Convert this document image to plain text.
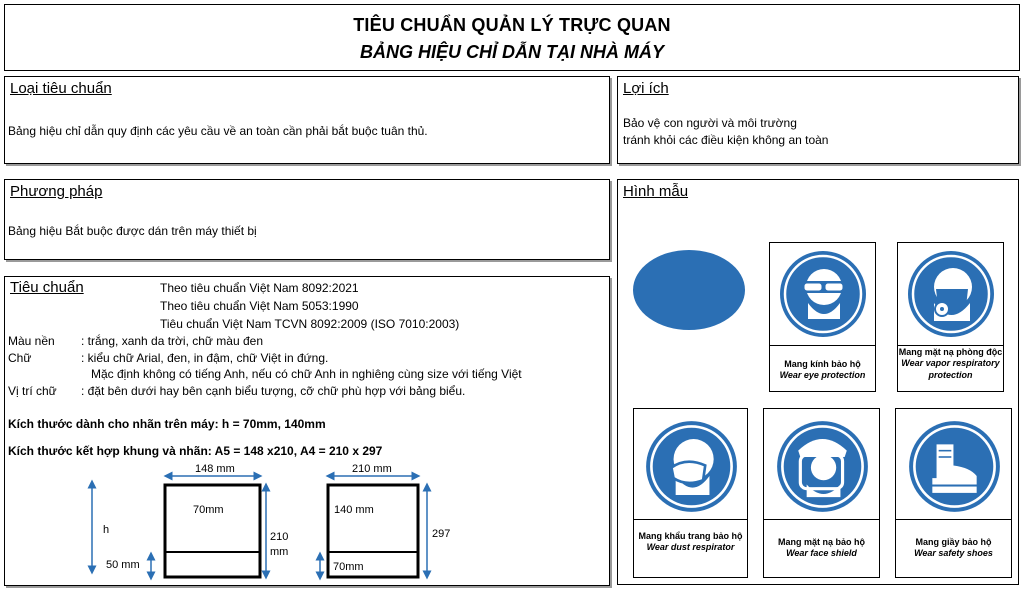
TIÊU CHUẨN QUẢN LÝ TRỰC QUAN
BẢNG HIỆU CHỈ DẪN TẠI NHÀ MÁY
Loại tiêu chuẩn
Bảng hiệu chỉ dẫn quy định các yêu cầu về an toàn cần phải bắt buộc tuân thủ.
Lợi ích
Bảo vệ con người và môi trường
tránh khỏi các điều kiện không an toàn
Phương pháp
Bảng hiệu Bắt buộc được dán trên máy thiết bị
Hình mẫu
Tiêu chuẩn	Theo tiêu chuẩn Việt Nam 8092:2021
Theo tiêu chuẩn Việt Nam 5053:1990
Tiêu chuẩn Việt Nam TCVN 8092:2009 (ISO 7010:2003)
Màu nền : trắng, xanh da trời, chữ màu đen
Chữ	: kiểu chữ Arial, đen, in đậm, chữ Việt in đứng.
Mặc định không có tiếng Anh, nếu có chữ Anh in nghiêng cùng size với tiếng Việt
Vị trí chữ : đặt bên dưới hay bên cạnh biểu tượng, cỡ chữ phù hợp với bảng biểu.
Kích thước dành cho nhãn trên máy: h = 70mm, 140mm
Kích thước kết hợp khung và nhãn: A5 = 148 x210, A4 = 210 x 297
148 mm	210 mm
h
50 mm
70mm
210
mm
140 mm
297
70mm
Mang kính bảo hộ
Wear eye protection
Mang mặt nạ phòng độc
Wear vapor respiratory protection
Mang khẩu trang bảo hộ
Wear dust respirator
Mang mặt nạ bảo hộ
Wear face shield
Mang giầy bảo hộ
Wear safety shoes
